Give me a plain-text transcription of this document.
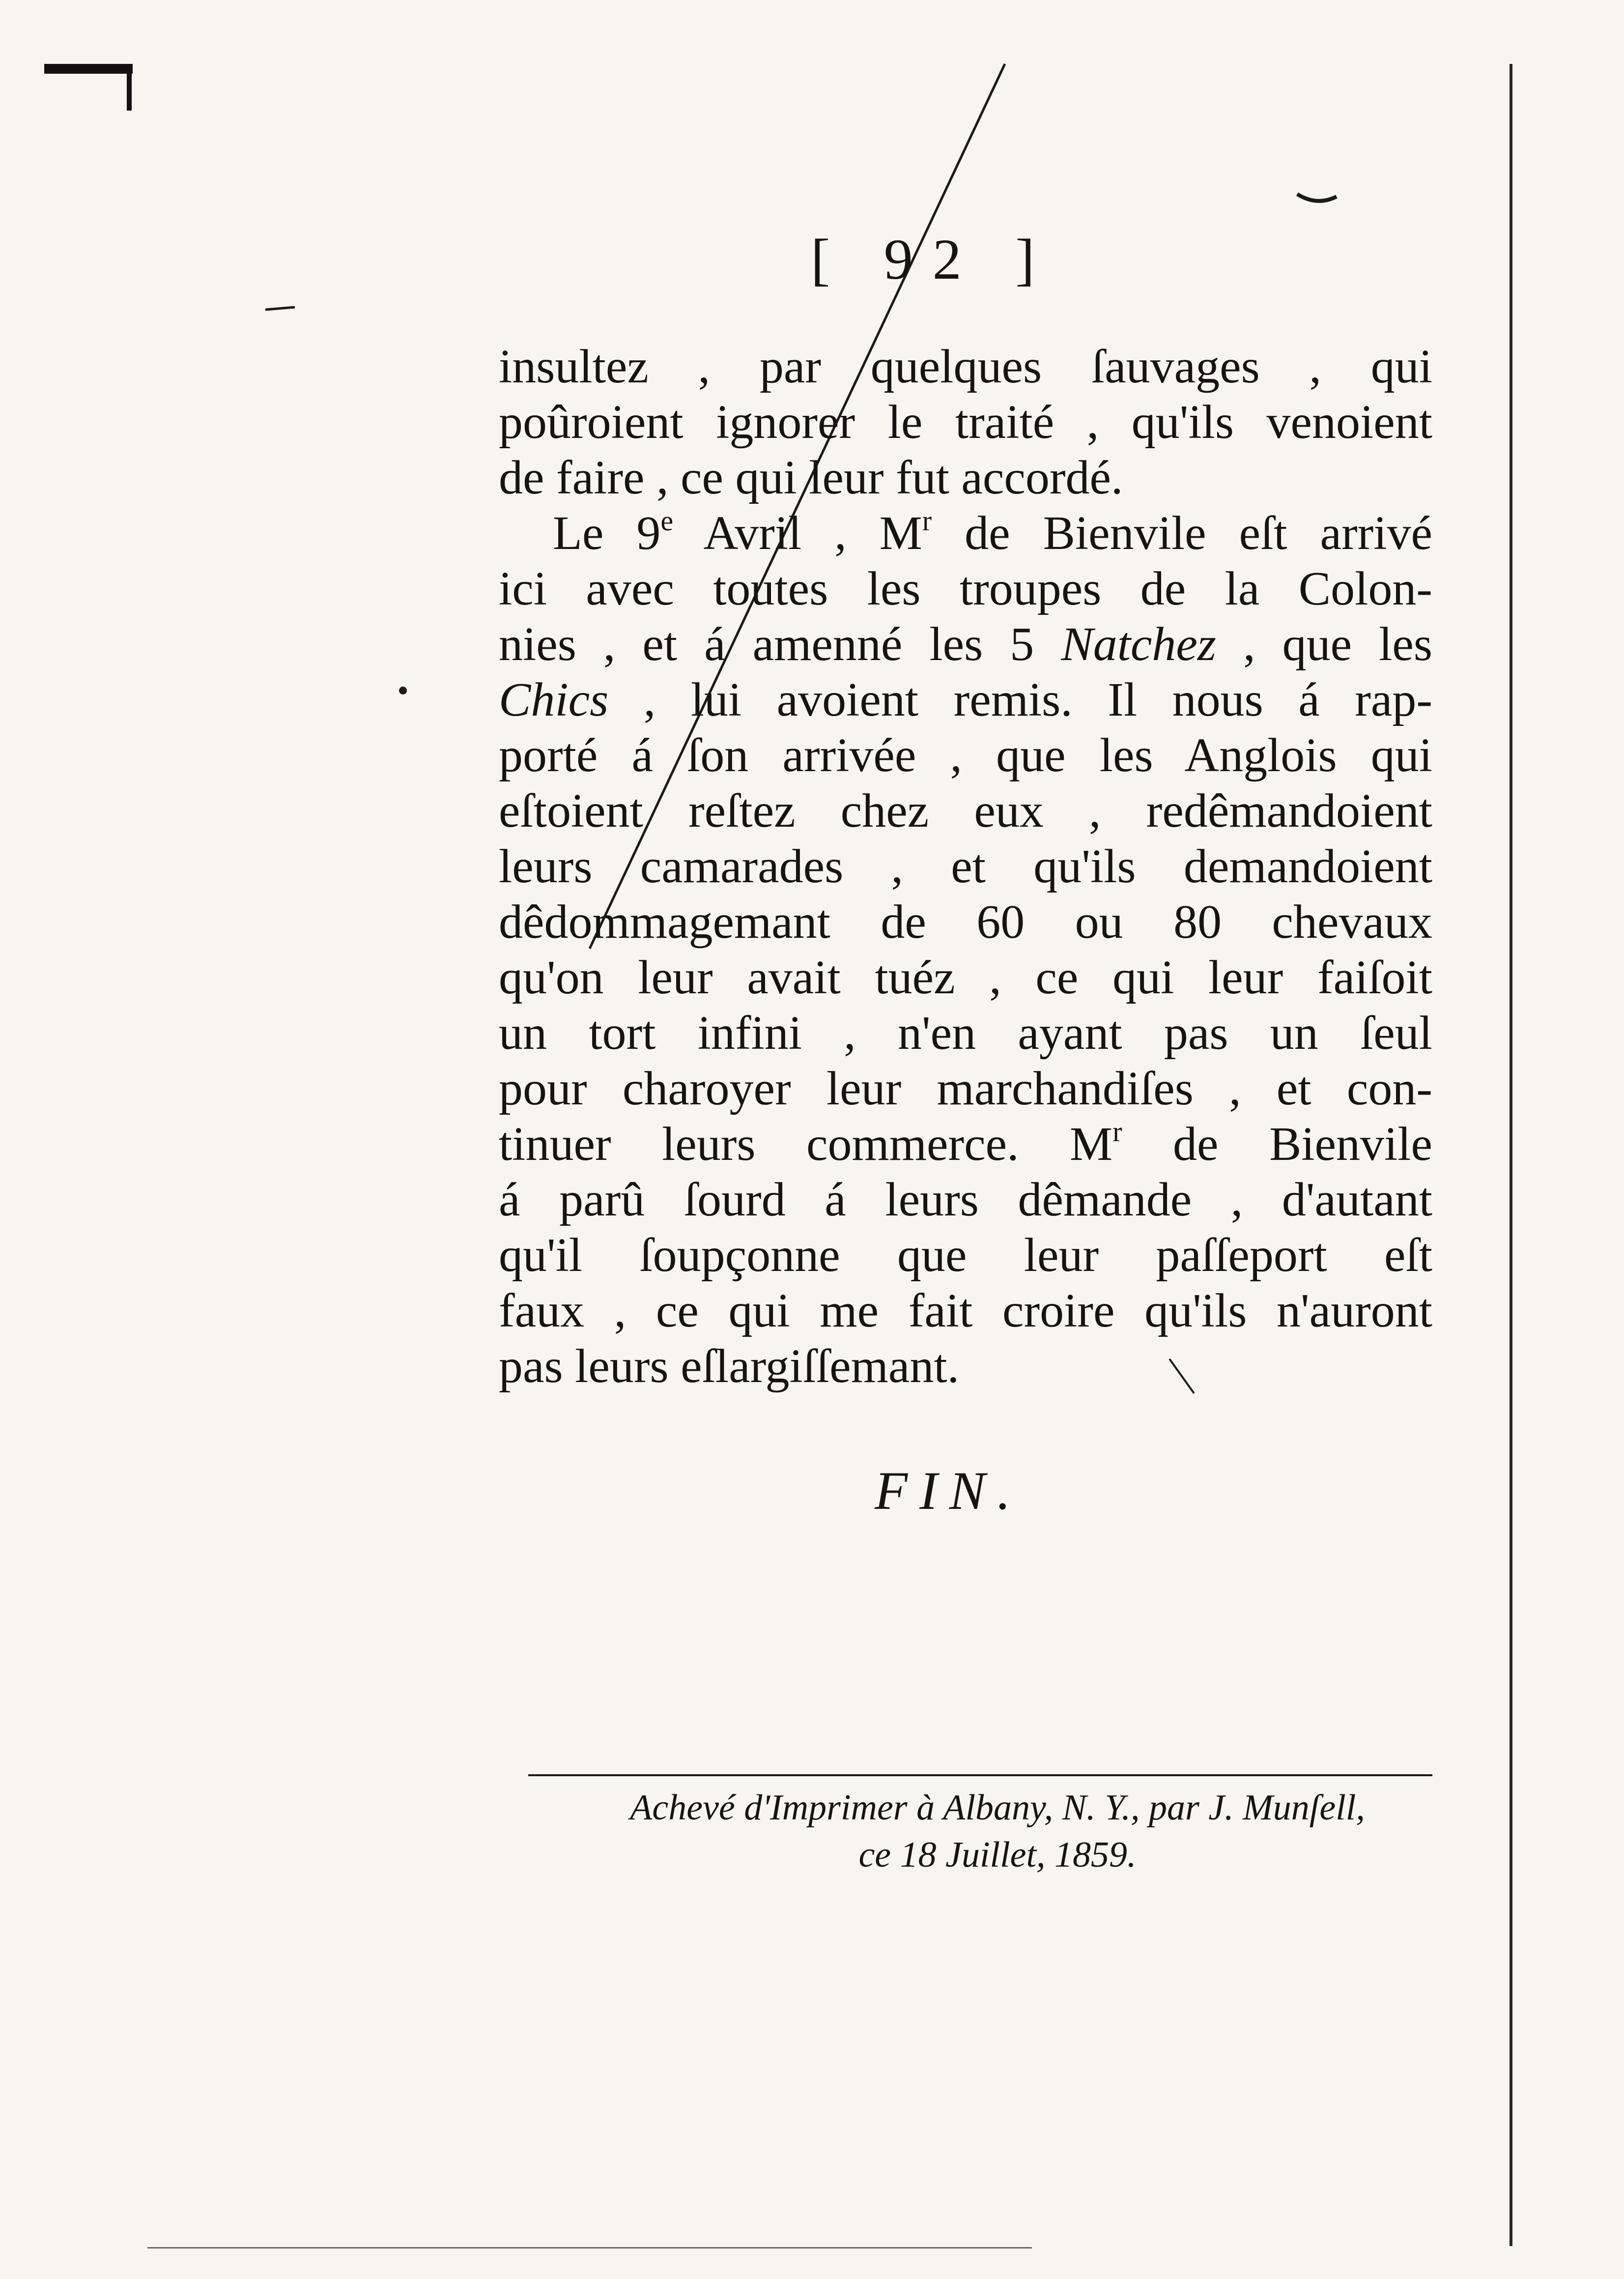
[ 92 ]
insultez , par quelques ſauvages , qui
poûroient ignorer le traité , qu'ils venoient
de faire , ce qui leur fut accordé.
Le 9e Avril , $M^r$ de Bienvile eſt arrivé
ici avec toutes les troupes de la Colon-
nies , et á amenné les 5 Natchez , que les
Chics , lui avoient remis. Il nous á rap-
porté á ſon arrivée , que les Anglois qui
eſtoient reſtez chez eux , redêmandoient
leurs camarades , et qu'ils demandoient
dêdommagemant de 60 ou 80 chevaux
qu'on leur avait tuéz , ce qui leur faiſoit
un tort infini , n'en ayant pas un ſeul
pour charoyer leur marchandiſes , et con-
tinuer leurs commerce. $M^r$ de Bienvile
á parû ſourd á leurs dêmande , d'autant
qu'il ſoupçonne que leur paſſeport eſt
faux , ce qui me fait croire qu'ils n'auront
pas leurs eſlargiſſemant.
FIN.
Achevé d'Imprimer à Albany, N. Y., par J. Munſell,
ce 18 Juillet, 1859.
